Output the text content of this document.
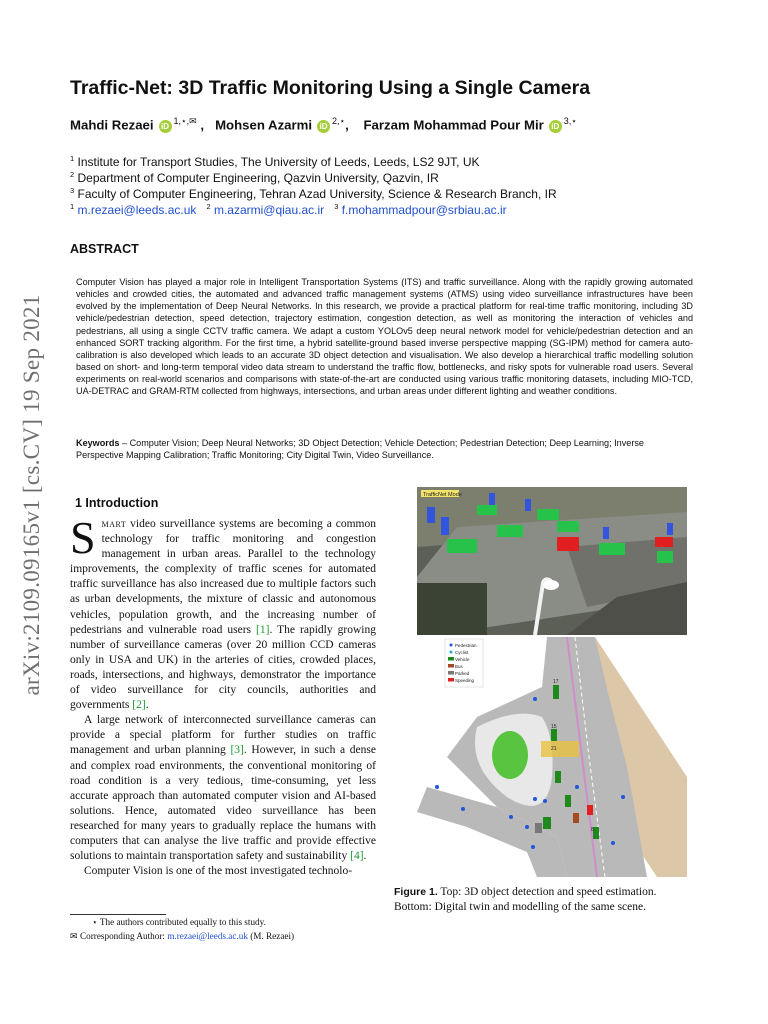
arXiv:2109.09165v1 [cs.CV] 19 Sep 2021
Traffic-Net: 3D Traffic Monitoring Using a Single Camera
Mahdi Rezaei $iD^{1,⋆,✉}$ ,   Mohsen Azarmi $iD^{2,⋆}$,    Farzam Mohammad Pour Mir $iD^{3,⋆}$
$^1$ Institute for Transport Studies, The University of Leeds, Leeds, LS2 9JT, UK
$^2$ Department of Computer Engineering, Qazvin University, Qazvin, IR
$^3$ Faculty of Computer Engineering, Tehran Azad University, Science & Research Branch, IR
$^1$ m.rezaei@leeds.ac.uk $^2$ m.azarmi@qiau.ac.ir $^3$ f.mohammadpour@srbiau.ac.ir
ABSTRACT
Computer Vision has played a major role in Intelligent Transportation Systems (ITS) and traffic surveillance. Along with the rapidly growing automated vehicles and crowded cities, the automated and advanced traffic management systems (ATMS) using video surveillance infrastructures have been evolved by the implementation of Deep Neural Networks. In this research, we provide a practical platform for real-time traffic monitoring, including 3D vehicle/pedestrian detection, speed detection, trajectory estimation, congestion detection, as well as monitoring the interaction of vehicles and pedestrians, all using a single CCTV traffic camera. We adapt a custom YOLOv5 deep neural network model for vehicle/pedestrian detection and an enhanced SORT tracking algorithm. For the first time, a hybrid satellite-ground based inverse perspective mapping (SG-IPM) method for camera auto-calibration is also developed which leads to an accurate 3D object detection and visualisation. We also develop a hierarchical traffic modelling solution based on short- and long-term temporal video data stream to understand the traffic flow, bottlenecks, and risky spots for vulnerable road users. Several experiments on real-world scenarios and comparisons with state-of-the-art are conducted using various traffic monitoring datasets, including MIO-TCD, UA-DETRAC and GRAM-RTM collected from highways, intersections, and urban areas under different lighting and weather conditions.
Keywords – Computer Vision; Deep Neural Networks; 3D Object Detection; Vehicle Detection; Pedestrian Detection; Deep Learning; Inverse Perspective Mapping Calibration; Traffic Monitoring; City Digital Twin, Video Surveillance.
1 Introduction

Smart video surveillance systems are becoming a common technology for traffic monitoring and congestion management in urban areas. Parallel to the technology improvements, the complexity of traffic scenes for automated traffic surveillance has also increased due to multiple factors such as urban developments, the mixture of classic and autonomous vehicles, population growth, and the increasing number of pedestrians and vulnerable road users [1]. The rapidly growing number of surveillance cameras (over 20 million CCD cameras only in USA and UK) in the arteries of cities, crowded places, roads, intersections, and highways, demonstrator the importance of video surveillance for city councils, authorities and governments [2].

A large network of interconnected surveillance cameras can provide a special platform for further studies on traffic management and urban planning [3]. However, in such a dense and complex road environments, the conventional monitoring of road condition is a very tedious, time-consuming, yet less accurate approach than automated computer vision and AI-based solutions. Hence, automated video surveillance has been researched for many years to gradually replace the humans with computers that can analyse the live traffic and provide effective solutions to maintain transportation safety and sustainability [4].

Computer Vision is one of the most investigated technolo-

⋆ The authors contributed equally to this study.
✉ Corresponding Author: m.rezaei@leeds.ac.uk (M. Rezaei)
TrafficNet Mode
17
15
21
8
Pedestrian
Cyclist
Vehicle
Bus
Parked
Speeding
Figure 1. Top: 3D object detection and speed estimation. Bottom: Digital twin and modelling of the same scene.
